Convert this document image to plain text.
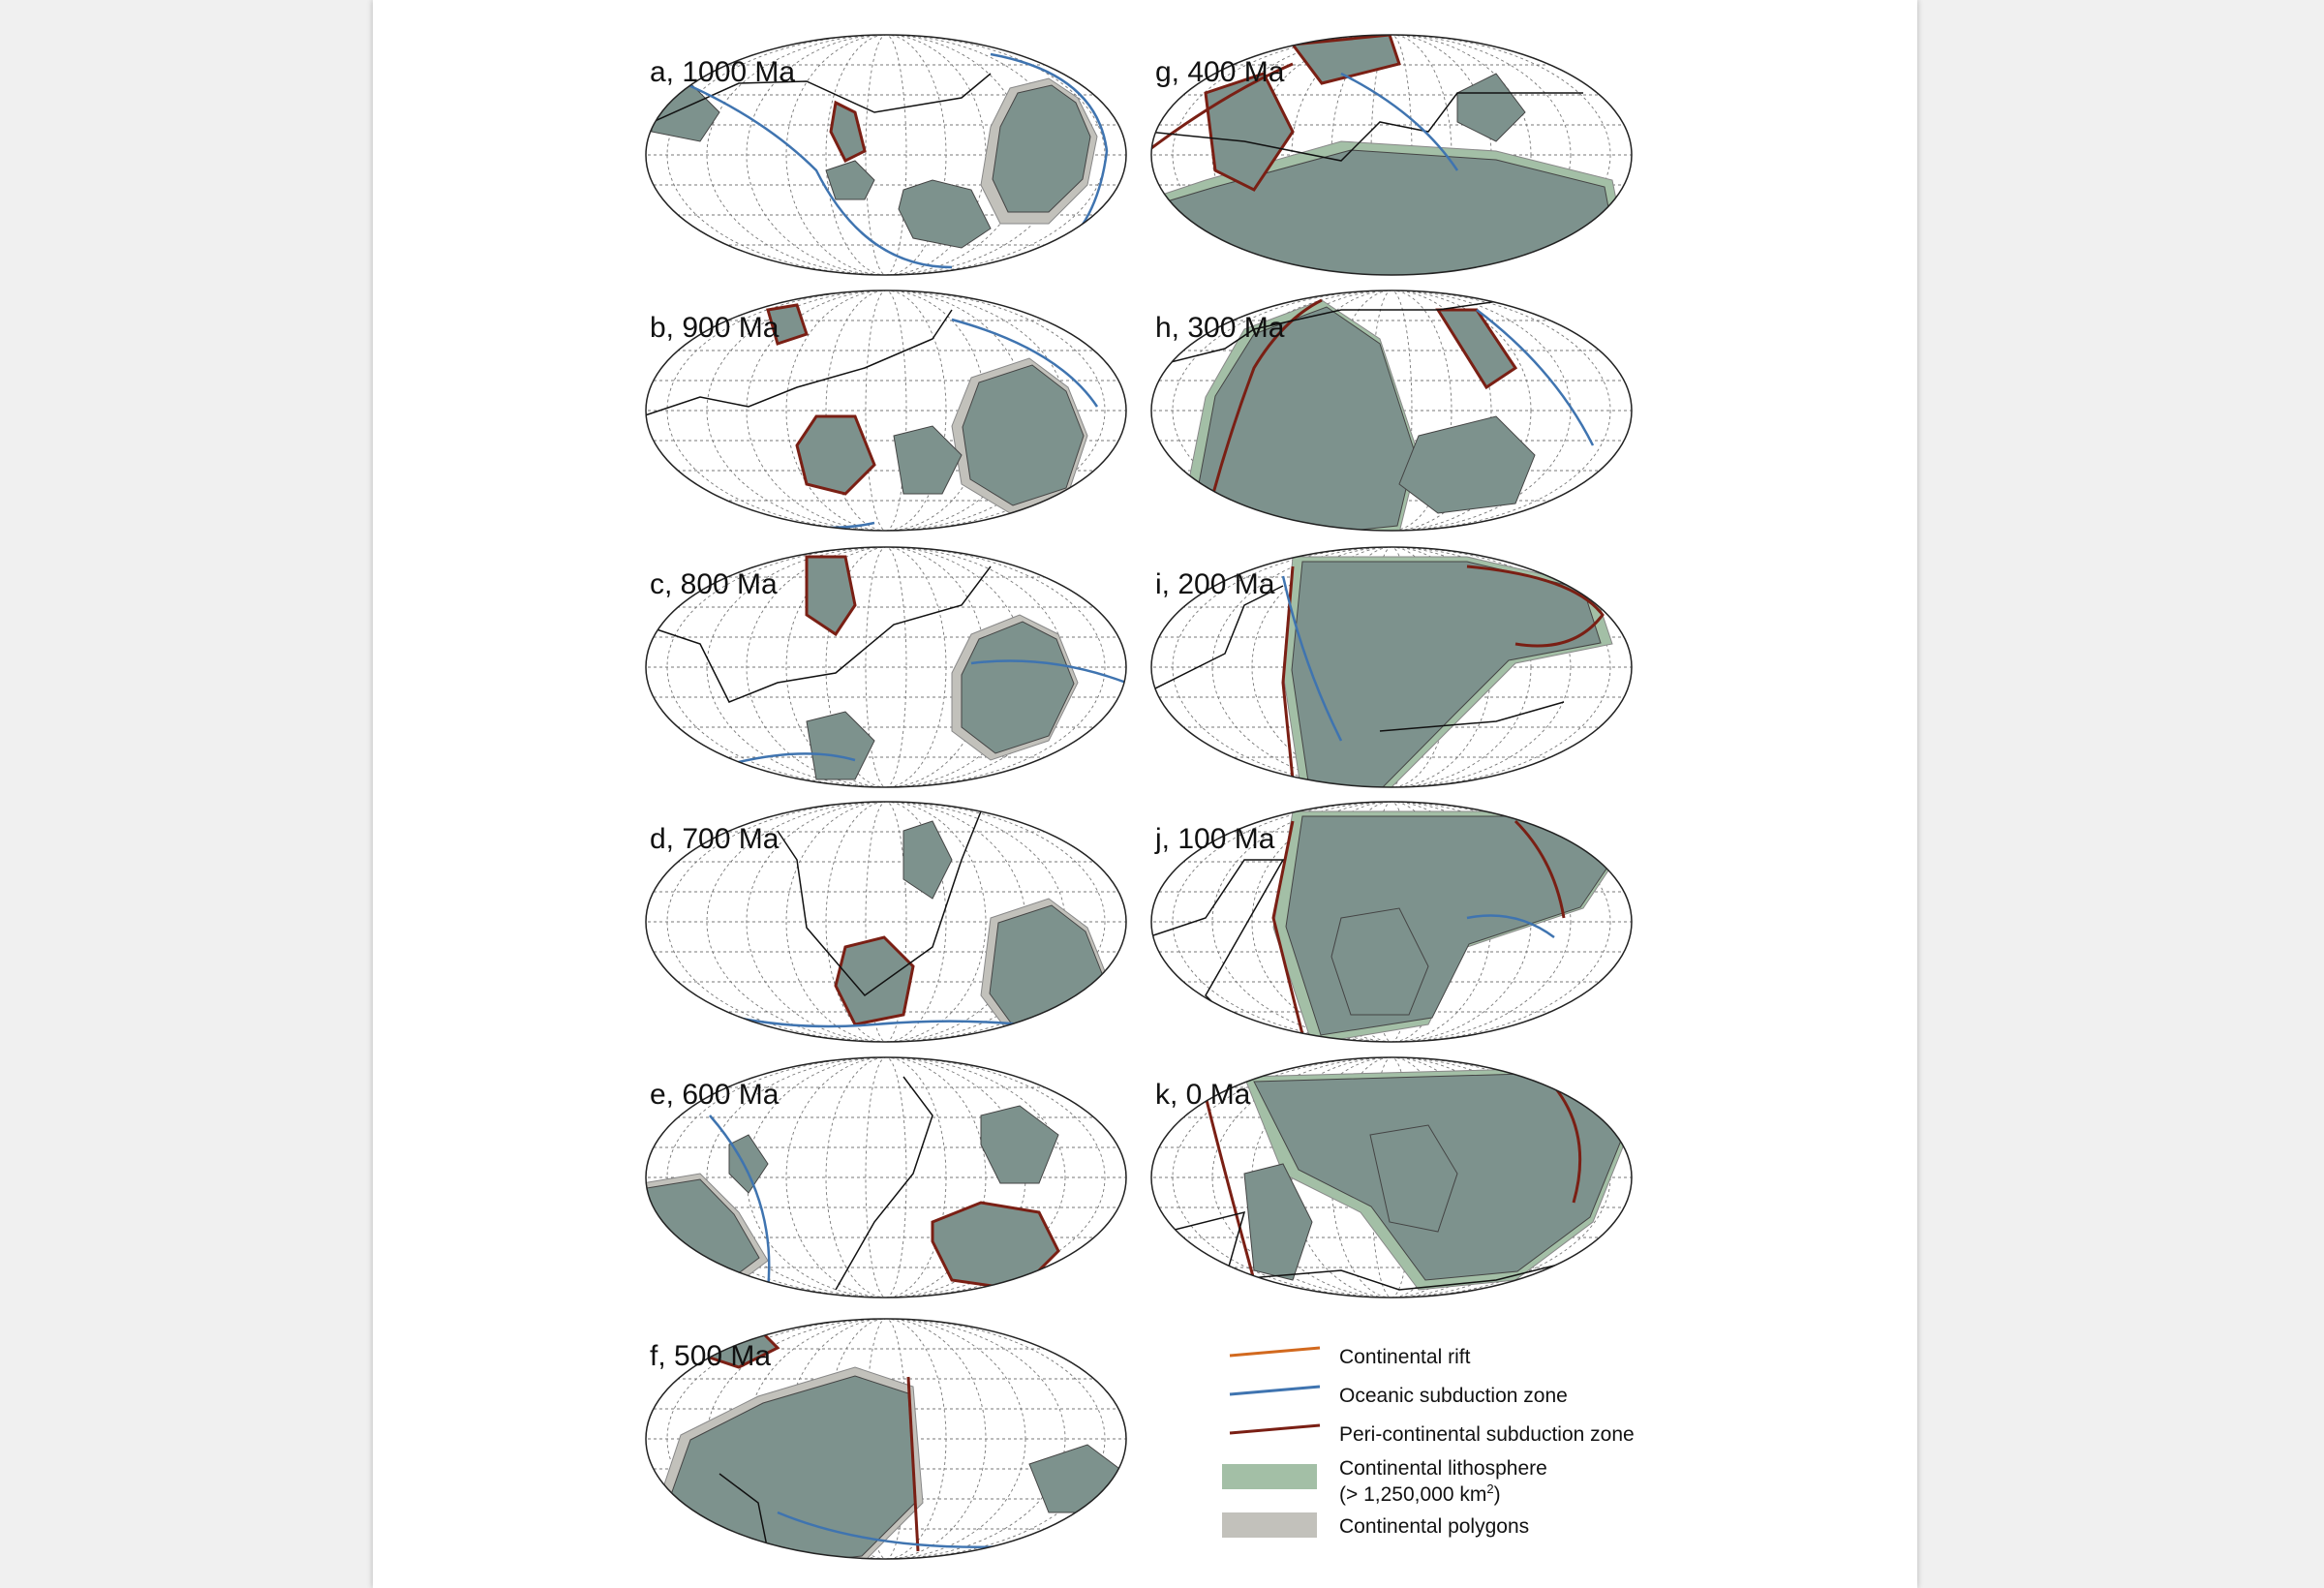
a, 1000 Ma
b, 900 Ma
c, 800 Ma
d, 700 Ma
e, 600 Ma
f, 500 Ma
g, 400 Ma
h, 300 Ma
i, 200 Ma
j, 100 Ma
k, 0 Ma
Continental rift
Oceanic subduction zone
Peri-continental subduction zone
Continental lithosphere
(> 1,250,000 $km^2$)
Continental polygons
